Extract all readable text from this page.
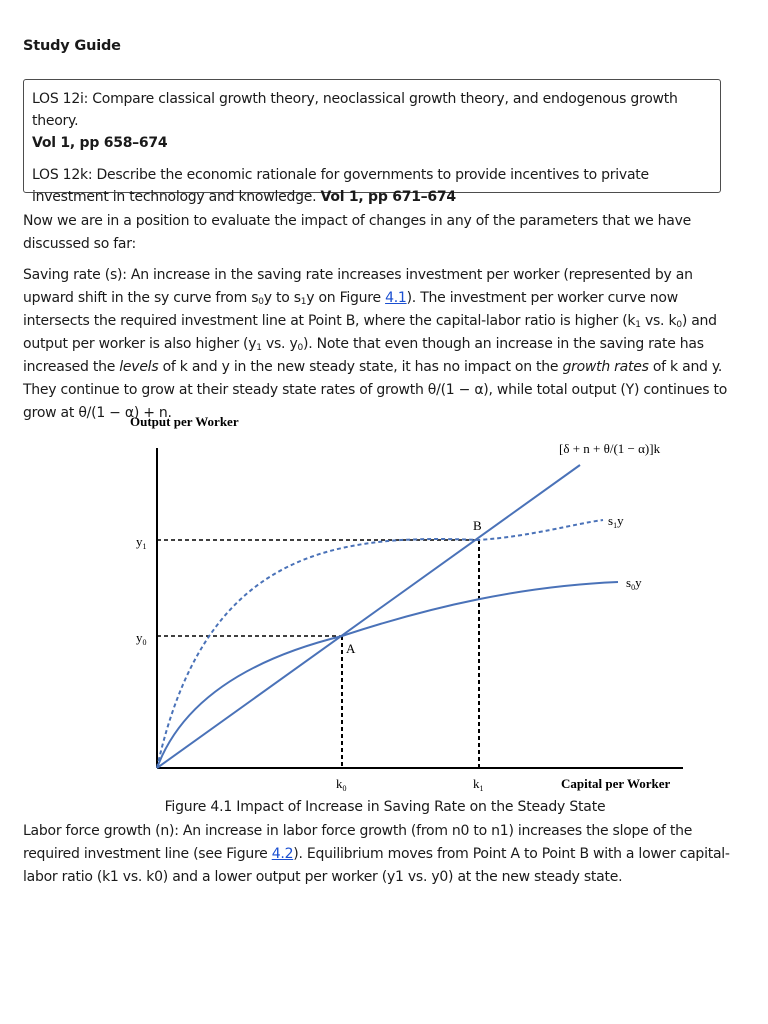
Study Guide

LOS 12i: Compare classical growth theory, neoclassical growth theory, and endogenous growth theory.
Vol 1, pp 658–674

LOS 12k: Describe the economic rationale for governments to provide incentives to private investment in technology and knowledge. Vol 1, pp 671–674

Now we are in a position to evaluate the impact of changes in any of the parameters that we have discussed so far:

Saving rate (s): An increase in the saving rate increases investment per worker (represented by an upward shift in the sy curve from $s_0y$ to $s_1y$ on Figure 4.1). The investment per worker curve now intersects the required investment line at Point B, where the capital-labor ratio is higher ($k_1$ vs. $k_0$) and output per worker is also higher ($y_1$ vs. $y_0$). Note that even though an increase in the saving rate has increased the levels of k and y in the new steady state, it has no impact on the growth rates of k and y. They continue to grow at their steady state rates of growth θ/(1 − α), while total output (Y) continues to grow at θ/(1 − α) + n.

Output per Worker
Capital per Worker
[δ + n + θ/(1 − α)]k
$s_1y$
$s_0y$
B
A
$y_1$
$y_0$
$k_0$	$k_1$
Figure 4.1 Impact of Increase in Saving Rate on the Steady State

Labor force growth (n): An increase in labor force growth (from n0 to n1) increases the slope of the required investment line (see Figure 4.2). Equilibrium moves from Point A to Point B with a lower capital-labor ratio (k1 vs. k0) and a lower output per worker (y1 vs. y0) at the new steady state.
